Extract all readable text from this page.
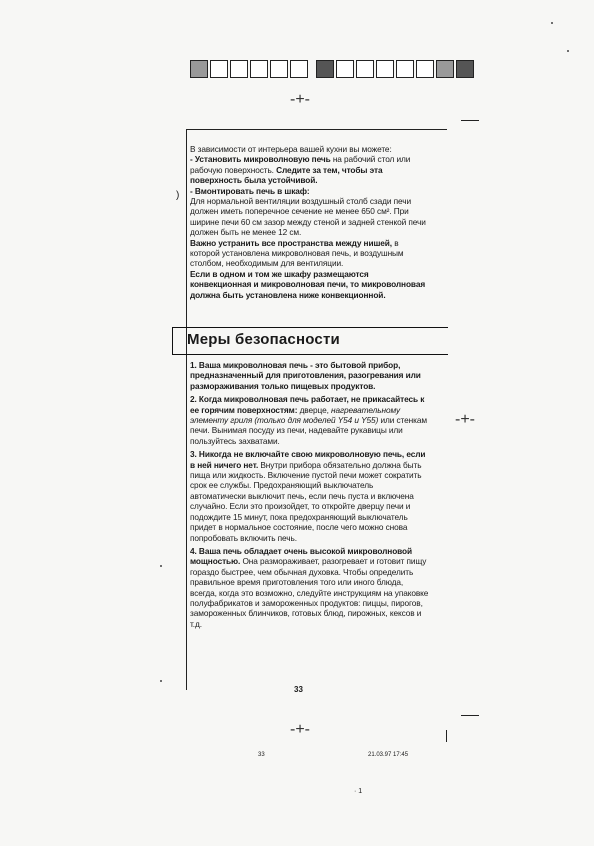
-+-
-+-
-+-
)

В зависимости от интерьера вашей кухни вы можете:

- Установить микроволновую печь на рабочий стол или рабочую поверхность. Следите за тем, чтобы эта поверхность была устойчивой.

- Вмонтировать печь в шкаф:

Для нормальной вентиляции воздушный столб сзади печи должен иметь поперечное сечение не менее 650 см². При ширине печи 60 см зазор между стеной и задней стенкой печи должен быть не менее 12 см.

Важно устранить все пространства между нишей, в которой установлена микроволновая печь, и воздушным столбом, необходимым для вентиляции.

Если в одном и том же шкафу размещаются конвекционная и микроволновая печи, то микроволновая должна быть установлена ниже конвекционной.

Меры безопасности
1. Ваша микроволновая печь - это бытовой прибор, предназначенный для приготовления, разогревания или размораживания только пищевых продуктов.
2. Когда микроволновая печь работает, не прикасайтесь к ее горячим поверхностям: дверце, нагревательному элементу гриля (только для моделей Y54 и Y55) или стенкам печи. Вынимая посуду из печи, надевайте рукавицы или пользуйтесь захватами.
3. Никогда не включайте свою микроволновую печь, если в ней ничего нет. Внутри прибора обязательно должна быть пища или жидкость. Включение пустой печи может сократить срок ее службы. Предохраняющий выключатель автоматически выключит печь, если печь пуста и включена случайно. Если это произойдет, то откройте дверцу печи и подождите 15 минут, пока предохраняющий выключатель придет в нормальное состояние, после чего можно снова попробовать включить печь.
4. Ваша печь обладает очень высокой микроволновой мощностью. Она размораживает, разогревает и готовит пищу гораздо быстрее, чем обычная духовка. Чтобы определить правильное время приготовления того или иного блюда, всегда, когда это возможно, следуйте инструкциям на упаковке полуфабрикатов и замороженных продуктов: пиццы, пирогов, замороженных блинчиков, готовых блюд, пирожных, кексов и т.д.
33
33	21.03.97 17:45
· 1
